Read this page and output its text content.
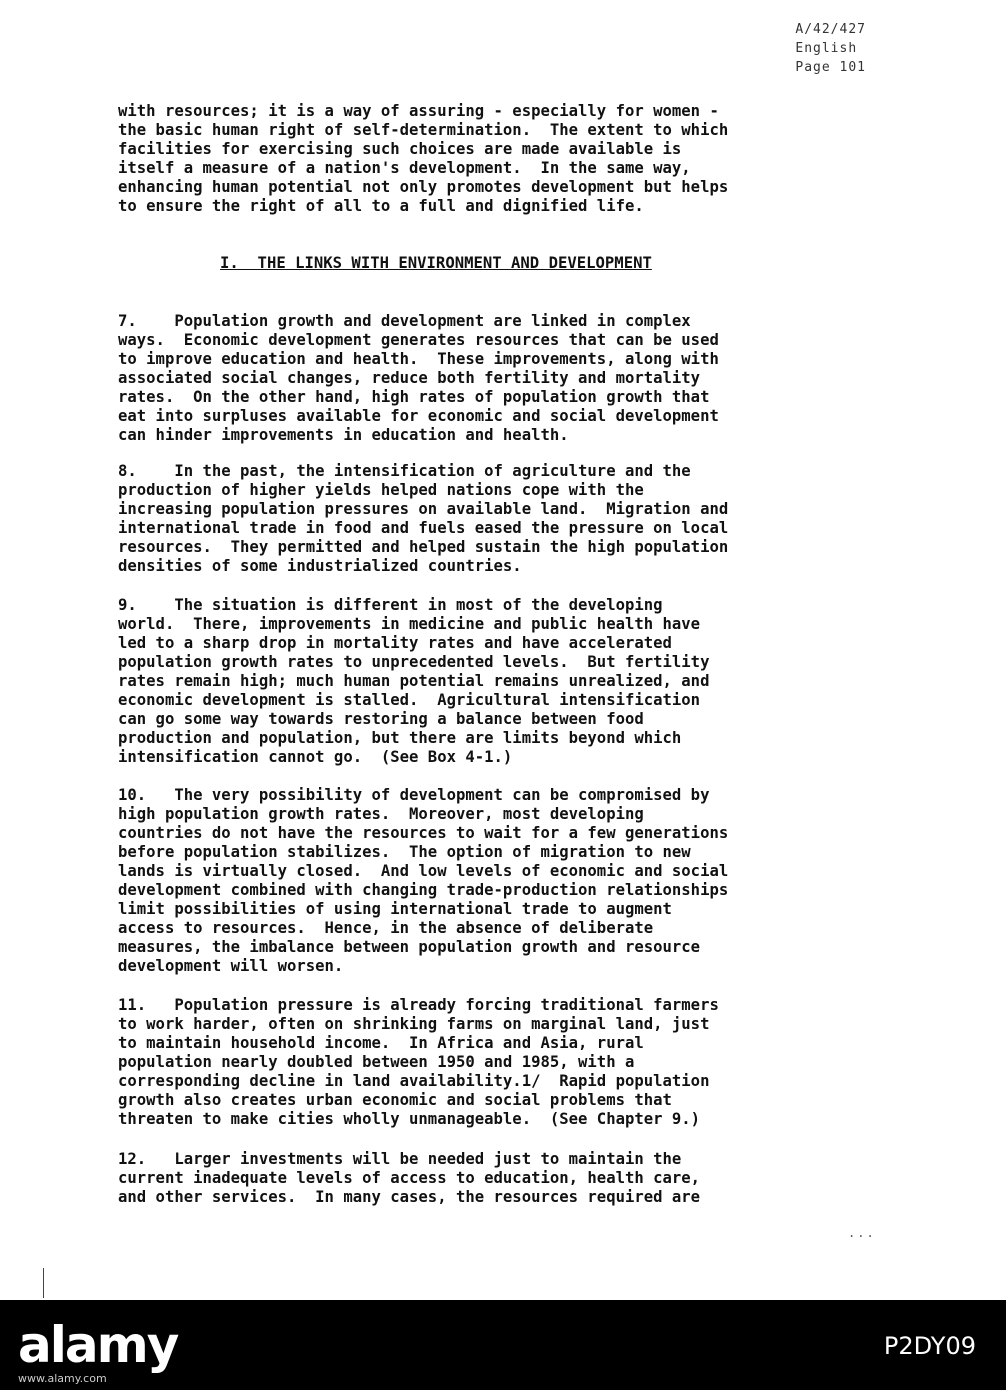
A/42/427
English
Page 101
with resources; it is a way of assuring - especially for women -
the basic human right of self-determination.  The extent to which
facilities for exercising such choices are made available is
itself a measure of a nation's development.  In the same way,
enhancing human potential not only promotes development but helps
to ensure the right of all to a full and dignified life.
I.  THE LINKS WITH ENVIRONMENT AND DEVELOPMENT
7.    Population growth and development are linked in complex
ways.  Economic development generates resources that can be used
to improve education and health.  These improvements, along with
associated social changes, reduce both fertility and mortality
rates.  On the other hand, high rates of population growth that
eat into surpluses available for economic and social development
can hinder improvements in education and health.
8.    In the past, the intensification of agriculture and the
production of higher yields helped nations cope with the
increasing population pressures on available land.  Migration and
international trade in food and fuels eased the pressure on local
resources.  They permitted and helped sustain the high population
densities of some industrialized countries.
9.    The situation is different in most of the developing
world.  There, improvements in medicine and public health have
led to a sharp drop in mortality rates and have accelerated
population growth rates to unprecedented levels.  But fertility
rates remain high; much human potential remains unrealized, and
economic development is stalled.  Agricultural intensification
can go some way towards restoring a balance between food
production and population, but there are limits beyond which
intensification cannot go.  (See Box 4-1.)
10.   The very possibility of development can be compromised by
high population growth rates.  Moreover, most developing
countries do not have the resources to wait for a few generations
before population stabilizes.  The option of migration to new
lands is virtually closed.  And low levels of economic and social
development combined with changing trade-production relationships
limit possibilities of using international trade to augment
access to resources.  Hence, in the absence of deliberate
measures, the imbalance between population growth and resource
development will worsen.
11.   Population pressure is already forcing traditional farmers
to work harder, often on shrinking farms on marginal land, just
to maintain household income.  In Africa and Asia, rural
population nearly doubled between 1950 and 1985, with a
corresponding decline in land availability.1/  Rapid population
growth also creates urban economic and social problems that
threaten to make cities wholly unmanageable.  (See Chapter 9.)
12.   Larger investments will be needed just to maintain the
current inadequate levels of access to education, health care,
and other services.  In many cases, the resources required are
...
alamy
www.alamy.com
P2DY09
